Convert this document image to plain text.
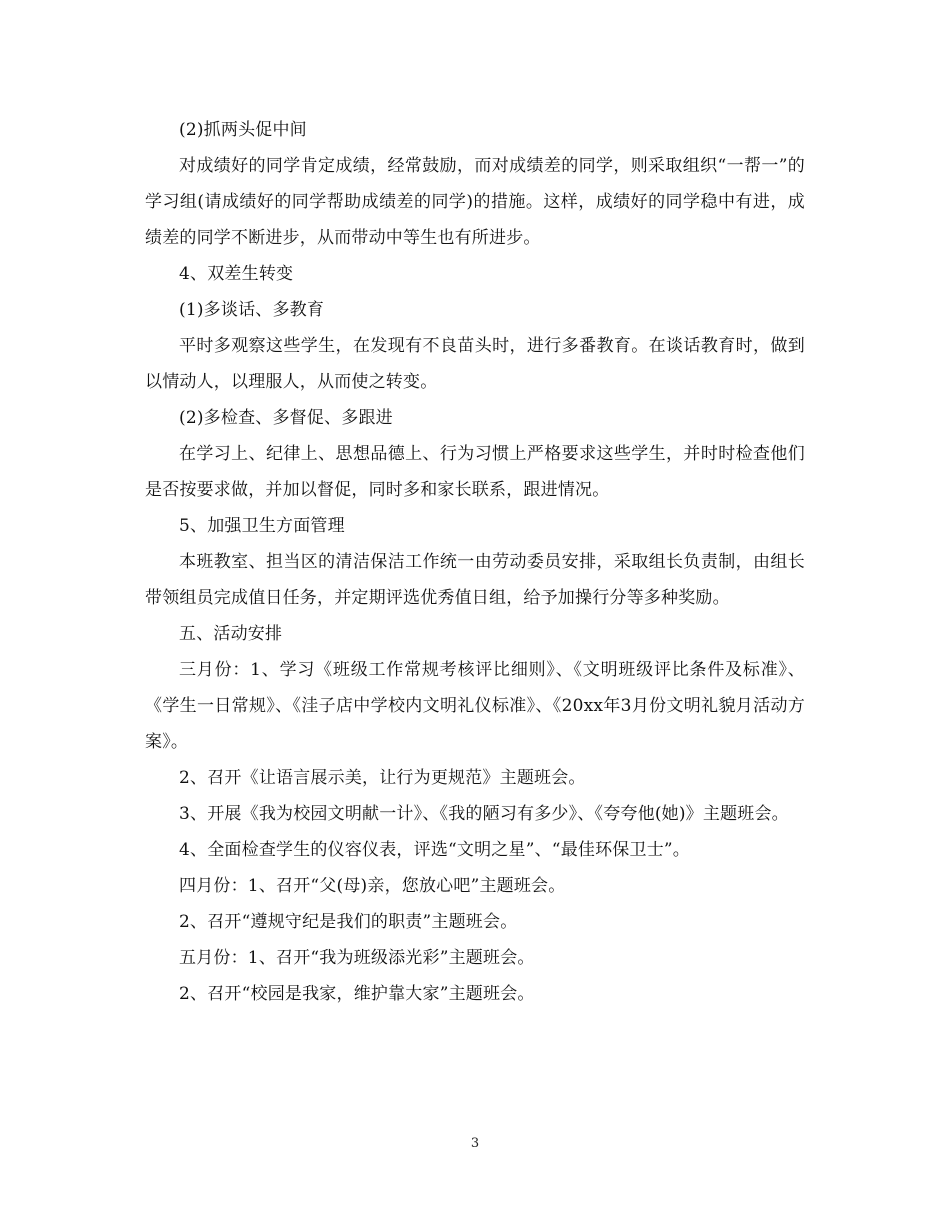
(2)抓两头促中间

对成绩好的同学肯定成绩，经常鼓励，而对成绩差的同学，则采取组织“一帮一”的学习组(请成绩好的同学帮助成绩差的同学)的措施。这样，成绩好的同学稳中有进，成绩差的同学不断进步，从而带动中等生也有所进步。

4、双差生转变

(1)多谈话、多教育

平时多观察这些学生，在发现有不良苗头时，进行多番教育。在谈话教育时，做到以情动人，以理服人，从而使之转变。

(2)多检查、多督促、多跟进

在学习上、纪律上、思想品德上、行为习惯上严格要求这些学生，并时时检查他们是否按要求做，并加以督促，同时多和家长联系，跟进情况。

5、加强卫生方面管理

本班教室、担当区的清洁保洁工作统一由劳动委员安排，采取组长负责制，由组长带领组员完成值日任务，并定期评选优秀值日组，给予加操行分等多种奖励。

五、活动安排

三月份：1、学习《班级工作常规考核评比细则》、《文明班级评比条件及标准》、《学生一日常规》、《洼子店中学校内文明礼仪标准》、《20xx年3月份文明礼貌月活动方案》。

2、召开《让语言展示美，让行为更规范》主题班会。

3、开展《我为校园文明献一计》、《我的陋习有多少》、《夸夸他(她)》主题班会。

4、全面检查学生的仪容仪表，评选“文明之星”、“最佳环保卫士”。

四月份：1、召开“父(母)亲，您放心吧”主题班会。

2、召开“遵规守纪是我们的职责”主题班会。

五月份：1、召开“我为班级添光彩”主题班会。

2、召开“校园是我家，维护靠大家”主题班会。

3
